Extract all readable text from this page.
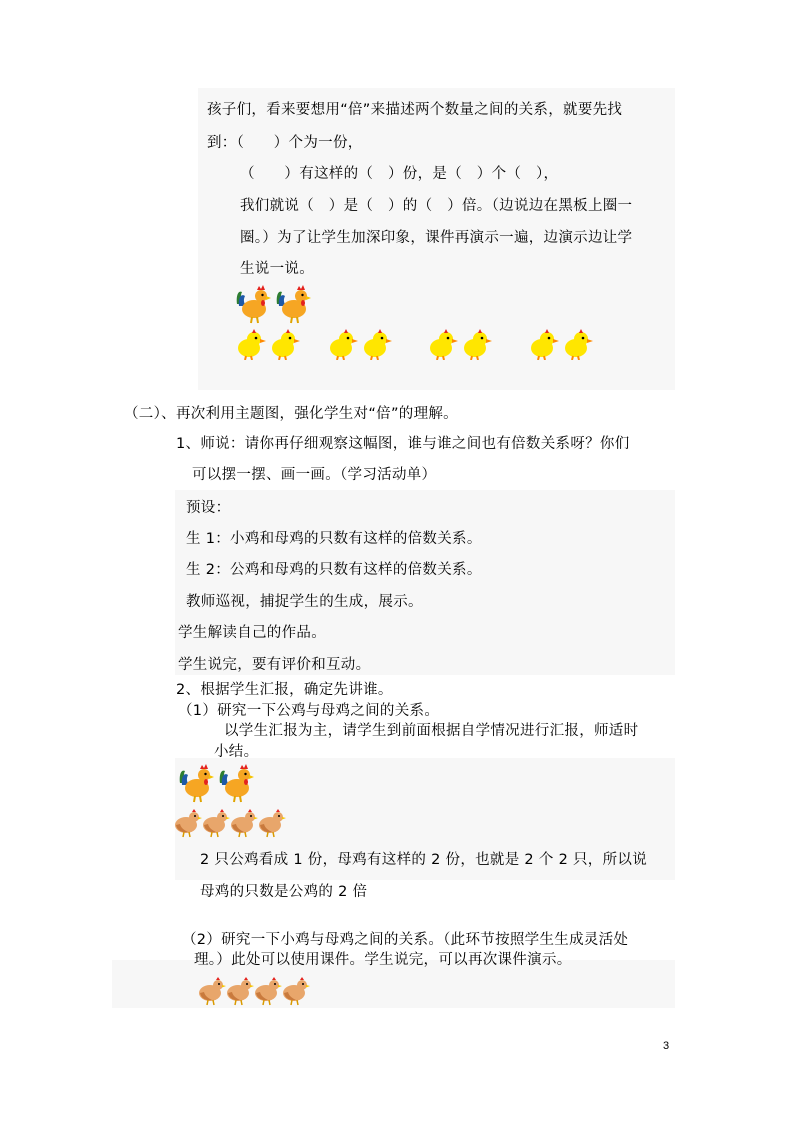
孩子们，看来要想用“倍”来描述两个数量之间的关系，就要先找
到：（　　）个为一份，
（　　）有这样的（　）份，是（　）个（　），
我们就说（　）是（　）的（　）倍。（边说边在黑板上圈一
圈。）为了让学生加深印象，课件再演示一遍，边演示边让学
生说一说。
（二）、再次利用主题图，强化学生对“倍”的理解。
1、师说：请你再仔细观察这幅图，谁与谁之间也有倍数关系呀？你们
可以摆一摆、画一画。（学习活动单）
预设：
生 1：小鸡和母鸡的只数有这样的倍数关系。
生 2：公鸡和母鸡的只数有这样的倍数关系。
教师巡视，捕捉学生的生成，展示。
学生解读自己的作品。
学生说完，要有评价和互动。
2、根据学生汇报，确定先讲谁。
（1）研究一下公鸡与母鸡之间的关系。
以学生汇报为主，请学生到前面根据自学情况进行汇报，师适时
小结。
2 只公鸡看成 1 份，母鸡有这样的 2 份，也就是 2 个 2 只，所以说
母鸡的只数是公鸡的 2 倍
（2）研究一下小鸡与母鸡之间的关系。（此环节按照学生生成灵活处
理。）此处可以使用课件。学生说完，可以再次课件演示。
3
